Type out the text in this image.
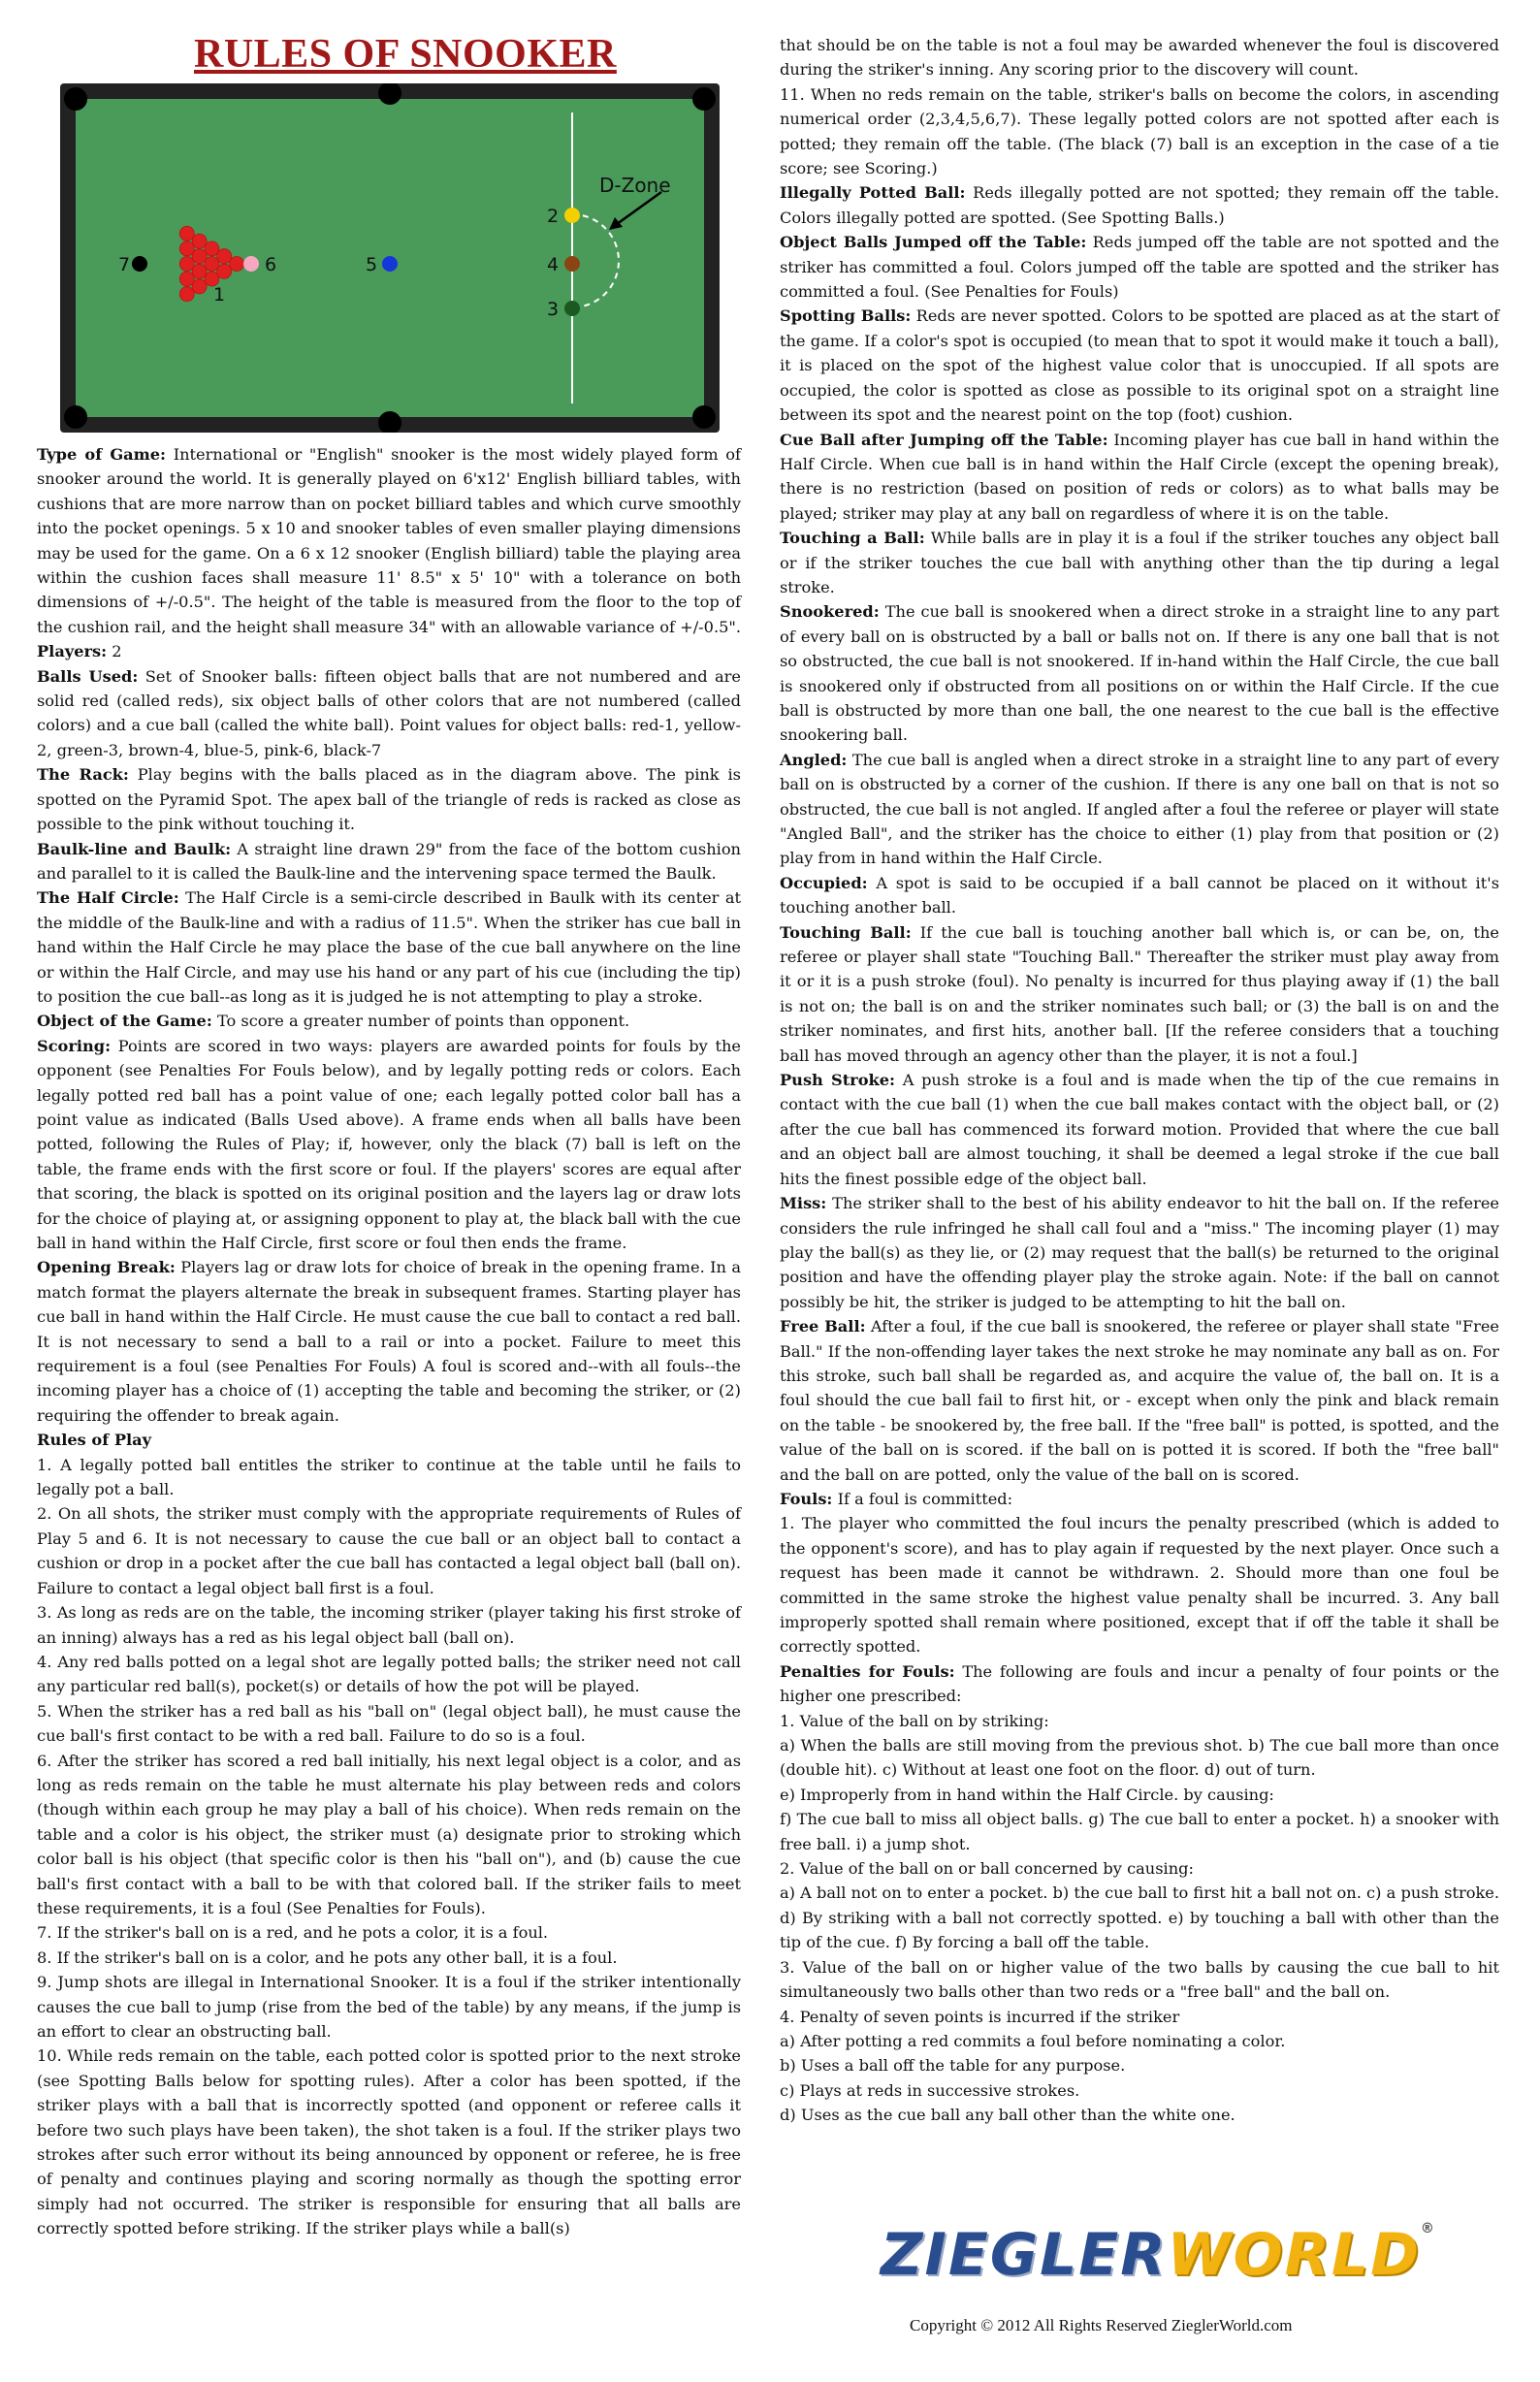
RULES OF SNOOKER
D-Zone
7
1
6	5
2
4
3

Type of Game: International or "English" snooker is the most widely played form of snooker around the world. It is generally played on 6'x12' English billiard tables, with cushions that are more narrow than on pocket billiard tables and which curve smoothly into the pocket openings. 5 x 10 and snooker tables of even smaller playing dimensions may be used for the game. On a 6 x 12 snooker (English billiard) table the playing area within the cushion faces shall measure 11' 8.5" x 5' 10" with a tolerance on both dimensions of +/-0.5". The height of the table is measured from the floor to the top of the cushion rail, and the height shall measure 34" with an allowable variance of +/-0.5". Players: 2

Balls Used: Set of Snooker balls: fifteen object balls that are not numbered and are solid red (called reds), six object balls of other colors that are not numbered (called colors) and a cue ball (called the white ball). Point values for object balls: red-1, yellow-2, green-3, brown-4, blue-5, pink-6, black-7

The Rack: Play begins with the balls placed as in the diagram above. The pink is spotted on the Pyramid Spot. The apex ball of the triangle of reds is racked as close as possible to the pink without touching it.

Baulk-line and Baulk: A straight line drawn 29" from the face of the bottom cushion and parallel to it is called the Baulk-line and the intervening space termed the Baulk.

The Half Circle: The Half Circle is a semi-circle described in Baulk with its center at the middle of the Baulk-line and with a radius of 11.5". When the striker has cue ball in hand within the Half Circle he may place the base of the cue ball anywhere on the line or within the Half Circle, and may use his hand or any part of his cue (including the tip) to position the cue ball--as long as it is judged he is not attempting to play a stroke.

Object of the Game: To score a greater number of points than opponent.

Scoring: Points are scored in two ways: players are awarded points for fouls by the opponent (see Penalties For Fouls below), and by legally potting reds or colors. Each legally potted red ball has a point value of one; each legally potted color ball has a point value as indicated (Balls Used above). A frame ends when all balls have been potted, following the Rules of Play; if, however, only the black (7) ball is left on the table, the frame ends with the first score or foul. If the players' scores are equal after that scoring, the black is spotted on its original position and the layers lag or draw lots for the choice of playing at, or assigning opponent to play at, the black ball with the cue ball in hand within the Half Circle, first score or foul then ends the frame.

Opening Break: Players lag or draw lots for choice of break in the opening frame. In a match format the players alternate the break in subsequent frames. Starting player has cue ball in hand within the Half Circle. He must cause the cue ball to contact a red ball. It is not necessary to send a ball to a rail or into a pocket. Failure to meet this requirement is a foul (see Penalties For Fouls) A foul is scored and--with all fouls--the incoming player has a choice of (1) accepting the table and becoming the striker, or (2) requiring the offender to break again.

Rules of Play

1. A legally potted ball entitles the striker to continue at the table until he fails to legally pot a ball.

2. On all shots, the striker must comply with the appropriate requirements of Rules of Play 5 and 6. It is not necessary to cause the cue ball or an object ball to contact a cushion or drop in a pocket after the cue ball has contacted a legal object ball (ball on). Failure to contact a legal object ball first is a foul.

3. As long as reds are on the table, the incoming striker (player taking his first stroke of an inning) always has a red as his legal object ball (ball on).

4. Any red balls potted on a legal shot are legally potted balls; the striker need not call any particular red ball(s), pocket(s) or details of how the pot will be played.

5. When the striker has a red ball as his "ball on" (legal object ball), he must cause the cue ball's first contact to be with a red ball. Failure to do so is a foul.

6. After the striker has scored a red ball initially, his next legal object is a color, and as long as reds remain on the table he must alternate his play between reds and colors (though within each group he may play a ball of his choice). When reds remain on the table and a color is his object, the striker must (a) designate prior to stroking which color ball is his object (that specific color is then his "ball on"), and (b) cause the cue ball's first contact with a ball to be with that colored ball. If the striker fails to meet these requirements, it is a foul (See Penalties for Fouls).

7. If the striker's ball on is a red, and he pots a color, it is a foul.

8. If the striker's ball on is a color, and he pots any other ball, it is a foul.

9. Jump shots are illegal in International Snooker. It is a foul if the striker intentionally causes the cue ball to jump (rise from the bed of the table) by any means, if the jump is an effort to clear an obstructing ball.

10. While reds remain on the table, each potted color is spotted prior to the next stroke (see Spotting Balls below for spotting rules). After a color has been spotted, if the striker plays with a ball that is incorrectly spotted (and opponent or referee calls it before two such plays have been taken), the shot taken is a foul. If the striker plays two strokes after such error without its being announced by opponent or referee, he is free of penalty and continues playing and scoring normally as though the spotting error simply had not occurred. The striker is responsible for ensuring that all balls are correctly spotted before striking. If the striker plays while a ball(s)

that should be on the table is not a foul may be awarded whenever the foul is discovered during the striker's inning. Any scoring prior to the discovery will count.

11. When no reds remain on the table, striker's balls on become the colors, in ascending numerical order (2,3,4,5,6,7). These legally potted colors are not spotted after each is potted; they remain off the table. (The black (7) ball is an exception in the case of a tie score; see Scoring.)

Illegally Potted Ball: Reds illegally potted are not spotted; they remain off the table. Colors illegally potted are spotted. (See Spotting Balls.)

Object Balls Jumped off the Table: Reds jumped off the table are not spotted and the striker has committed a foul. Colors jumped off the table are spotted and the striker has committed a foul. (See Penalties for Fouls)

Spotting Balls: Reds are never spotted. Colors to be spotted are placed as at the start of the game. If a color's spot is occupied (to mean that to spot it would make it touch a ball), it is placed on the spot of the highest value color that is unoccupied. If all spots are occupied, the color is spotted as close as possible to its original spot on a straight line between its spot and the nearest point on the top (foot) cushion.

Cue Ball after Jumping off the Table: Incoming player has cue ball in hand within the Half Circle. When cue ball is in hand within the Half Circle (except the opening break), there is no restriction (based on position of reds or colors) as to what balls may be played; striker may play at any ball on regardless of where it is on the table.

Touching a Ball: While balls are in play it is a foul if the striker touches any object ball or if the striker touches the cue ball with anything other than the tip during a legal stroke.

Snookered: The cue ball is snookered when a direct stroke in a straight line to any part of every ball on is obstructed by a ball or balls not on. If there is any one ball that is not so obstructed, the cue ball is not snookered. If in-hand within the Half Circle, the cue ball is snookered only if obstructed from all positions on or within the Half Circle. If the cue ball is obstructed by more than one ball, the one nearest to the cue ball is the effective snookering ball.

Angled: The cue ball is angled when a direct stroke in a straight line to any part of every ball on is obstructed by a corner of the cushion. If there is any one ball on that is not so obstructed, the cue ball is not angled. If angled after a foul the referee or player will state "Angled Ball", and the striker has the choice to either (1) play from that position or (2) play from in hand within the Half Circle.

Occupied: A spot is said to be occupied if a ball cannot be placed on it without it's touching another ball.

Touching Ball: If the cue ball is touching another ball which is, or can be, on, the referee or player shall state "Touching Ball." Thereafter the striker must play away from it or it is a push stroke (foul). No penalty is incurred for thus playing away if (1) the ball is not on; the ball is on and the striker nominates such ball; or (3) the ball is on and the striker nominates, and first hits, another ball. [If the referee considers that a touching ball has moved through an agency other than the player, it is not a foul.]

Push Stroke: A push stroke is a foul and is made when the tip of the cue remains in contact with the cue ball (1) when the cue ball makes contact with the object ball, or (2) after the cue ball has commenced its forward motion. Provided that where the cue ball and an object ball are almost touching, it shall be deemed a legal stroke if the cue ball hits the finest possible edge of the object ball.

Miss: The striker shall to the best of his ability endeavor to hit the ball on. If the referee considers the rule infringed he shall call foul and a "miss." The incoming player (1) may play the ball(s) as they lie, or (2) may request that the ball(s) be returned to the original position and have the offending player play the stroke again. Note: if the ball on cannot possibly be hit, the striker is judged to be attempting to hit the ball on.

Free Ball: After a foul, if the cue ball is snookered, the referee or player shall state "Free Ball." If the non-offending layer takes the next stroke he may nominate any ball as on. For this stroke, such ball shall be regarded as, and acquire the value of, the ball on. It is a foul should the cue ball fail to first hit, or - except when only the pink and black remain on the table - be snookered by, the free ball. If the "free ball" is potted, is spotted, and the value of the ball on is scored. if the ball on is potted it is scored. If both the "free ball" and the ball on are potted, only the value of the ball on is scored.

Fouls: If a foul is committed:

1. The player who committed the foul incurs the penalty prescribed (which is added to the opponent's score), and has to play again if requested by the next player. Once such a request has been made it cannot be withdrawn. 2. Should more than one foul be committed in the same stroke the highest value penalty shall be incurred. 3. Any ball improperly spotted shall remain where positioned, except that if off the table it shall be correctly spotted.

Penalties for Fouls: The following are fouls and incur a penalty of four points or the higher one prescribed:

1. Value of the ball on by striking:

a) When the balls are still moving from the previous shot. b) The cue ball more than once (double hit). c) Without at least one foot on the floor. d) out of turn.

e) Improperly from in hand within the Half Circle. by causing:

f) The cue ball to miss all object balls. g) The cue ball to enter a pocket. h) a snooker with free ball. i) a jump shot.

2. Value of the ball on or ball concerned by causing:

a) A ball not on to enter a pocket. b) the cue ball to first hit a ball not on. c) a push stroke. d) By striking with a ball not correctly spotted. e) by touching a ball with other than the tip of the cue. f) By forcing a ball off the table.

3. Value of the ball on or higher value of the two balls by causing the cue ball to hit simultaneously two balls other than two reds or a "free ball" and the ball on.

4. Penalty of seven points is incurred if the striker

a) After potting a red commits a foul before nominating a color.

b) Uses a ball off the table for any purpose.

c) Plays at reds in successive strokes.

d) Uses as the cue ball any ball other than the white one.

ZIEGLERWORLD®
Copyright © 2012 All Rights Reserved ZieglerWorld.com
